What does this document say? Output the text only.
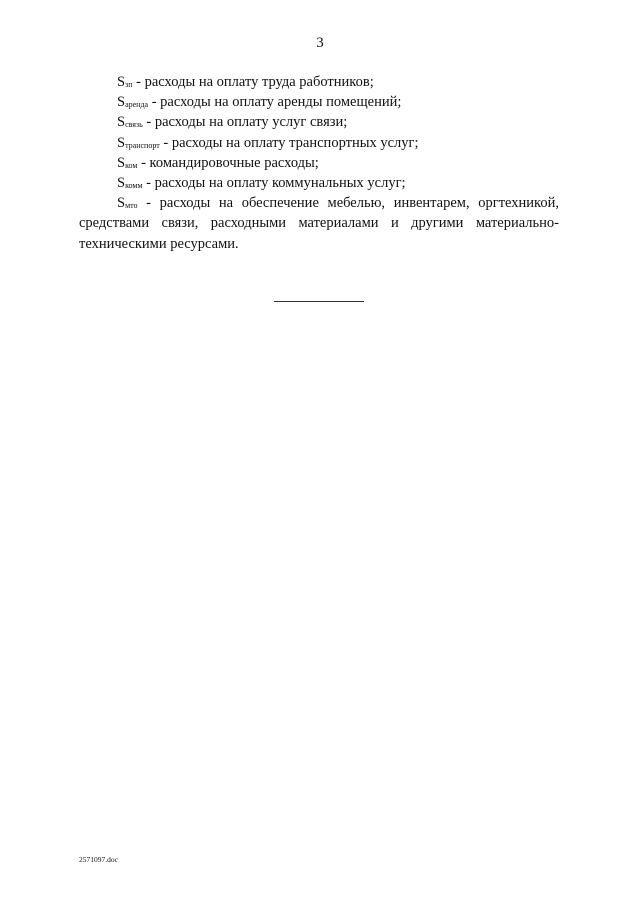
3
$S_{зп}$ - расходы на оплату труда работников;
$S_{аренда}$ - расходы на оплату аренды помещений;
$S_{связь}$ - расходы на оплату услуг связи;
$S_{транспорт}$ - расходы на оплату транспортных услуг;
$S_{ком}$ - командировочные расходы;
$S_{комм}$ - расходы на оплату коммунальных услуг;
$S_{мто}$ - расходы на обеспечение мебелью, инвентарем, оргтехникой, средствами связи, расходными материалами и другими материально-техническими ресурсами.
2571097.doc
